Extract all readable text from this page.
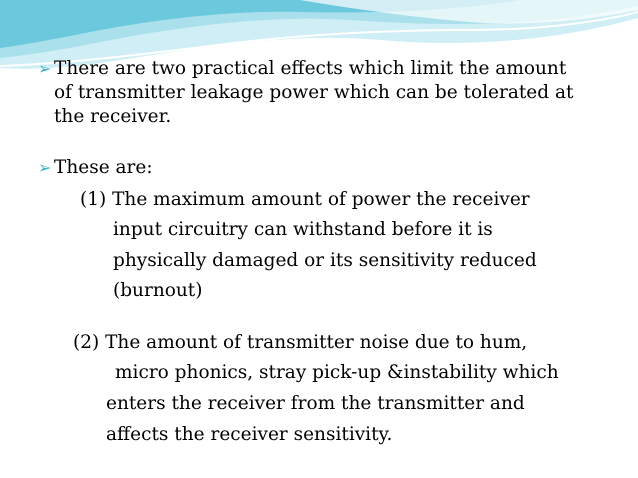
➢ There are two practical effects which limit the amount
of transmitter leakage power which can be tolerated at
the receiver.
➢ These are:
(1) The maximum amount of power the receiver
input circuitry can withstand before it is
physically damaged or its sensitivity reduced
(burnout)
(2) The amount of transmitter noise due to hum,
micro phonics, stray pick-up &instability which
enters the receiver from the transmitter and
affects the receiver sensitivity.
